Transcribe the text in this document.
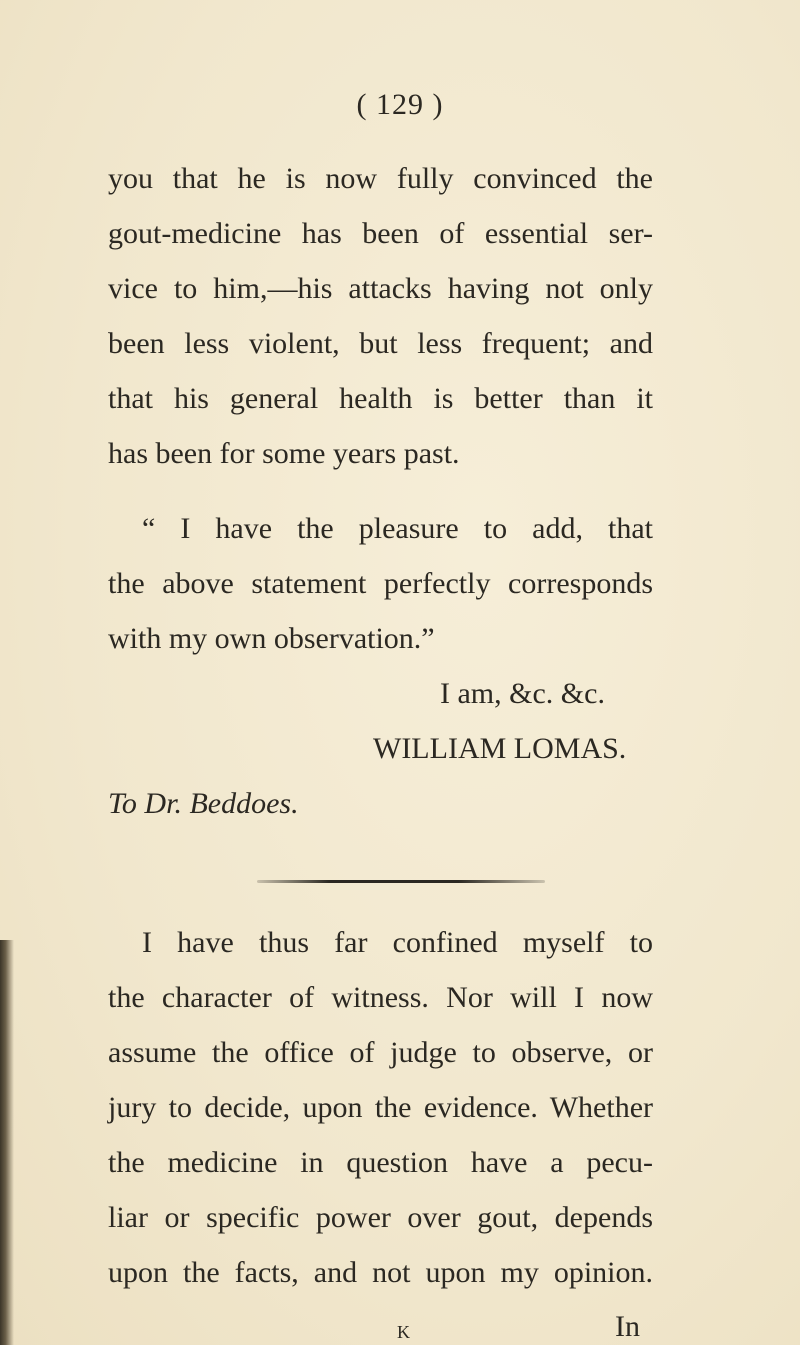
( 129 )
you that he is now fully convinced the
gout-medicine has been of essential ser-
vice to him,—his attacks having not only
been less violent, but less frequent; and
that his general health is better than it
has been for some years past.
“ I have the pleasure to add, that
the above statement perfectly corresponds
with my own observation.”
I am, &c. &c.
WILLIAM LOMAS.
To Dr. Beddoes.
I have thus far confined myself to
the character of witness. Nor will I now
assume the office of judge to observe, or
jury to decide, upon the evidence. Whether
the medicine in question have a pecu-
liar or specific power over gout, depends
upon the facts, and not upon my opinion.
K	In
